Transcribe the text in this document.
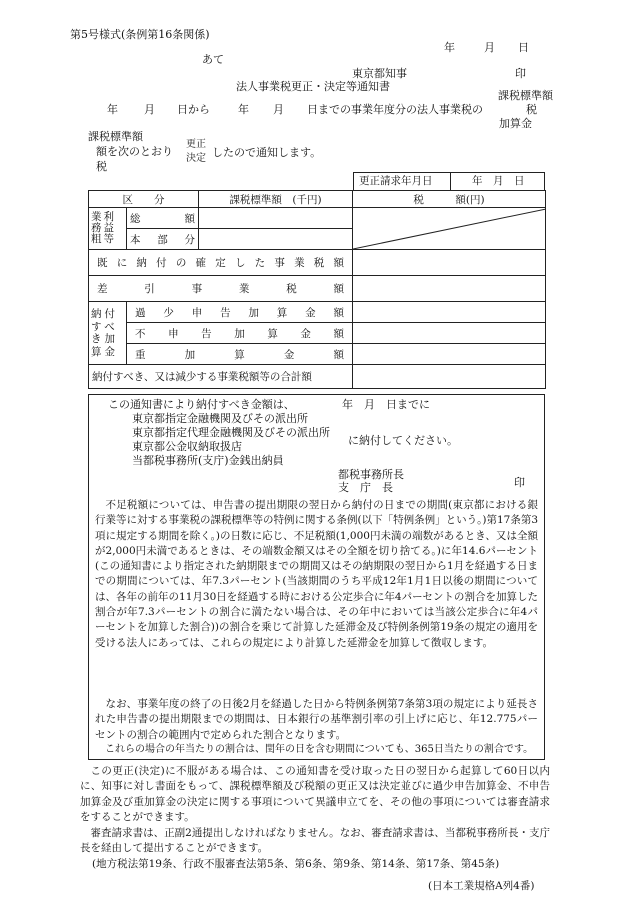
第5号様式(条例第16条関係)
年	月 日
あて
東京都知事	印
法人事業税更正・決定等通知書
課税標準額
年 月 日から	年 月 日までの事業年度分の法人事業税の	税
加算金
課税標準額
額を次のとおり
税
更正
決定 したので通知します。
更正請求年月日	年　月　日
区　　分		課税標準額　(千円)	税　　　額(円)

業利務益粗等	総　　額		

	本　部　分		
既に納付の確定した事業税額			
差引事業税額			

納付すべき加算金	過少申告加算金額		
	不申告加算金額		
	重加算金額		
納付すべき、又は減少する事業税額等の合計額			
この通知書により納付すべき金額は、	年　月　日までに
東京都指定金融機関及びその派出所
東京都指定代理金融機関及びその派出所
東京都公金収納取扱店
当都税事務所(支庁)金銭出納員
に納付してください。
都税事務所長
支　庁　長	印
不足税額については、申告書の提出期限の翌日から納付の日までの期間(東京都における銀行業等に対する事業税の課税標準等の特例に関する条例(以下「特例条例」という。)第17条第3項に規定する期間を除く。)の日数に応じ、不足税額(1,000円未満の端数があるとき、又は全額が2,000円未満であるときは、その端数金額又はその全額を切り捨てる。)に年14.6パーセント(この通知書により指定された納期限までの期間又はその納期限の翌日から1月を経過する日までの期間については、年7.3パーセント(当該期間のうち平成12年1月1日以後の期間については、各年の前年の11月30日を経過する時における公定歩合に年4パーセントの割合を加算した割合が年7.3パーセントの割合に満たない場合は、その年中においては当該公定歩合に年4パーセントを加算した割合))の割合を乗じて計算した延滞金及び特例条例第19条の規定の適用を受ける法人にあっては、これらの規定により計算した延滞金を加算して徴収します。
なお、事業年度の終了の日後2月を経過した日から特例条例第7条第3項の規定により延長された申告書の提出期限までの期間は、日本銀行の基準割引率の引上げに応じ、年12.775パーセントの割合の範囲内で定められた割合となります。
これらの場合の年当たりの割合は、閏年の日を含む期間についても、365日当たりの割合です。
この更正(決定)に不服がある場合は、この通知書を受け取った日の翌日から起算して60日以内に、知事に対し書面をもって、課税標準額及び税額の更正又は決定並びに過少申告加算金、不申告加算金及び重加算金の決定に関する事項について異議申立てを、その他の事項については審査請求をすることができます。
審査請求書は、正副2通提出しなければなりません。なお、審査請求書は、当都税事務所長・支庁長を経由して提出することができます。
(地方税法第19条、行政不服審査法第5条、第6条、第9条、第14条、第17条、第45条)
(日本工業規格A列4番)
